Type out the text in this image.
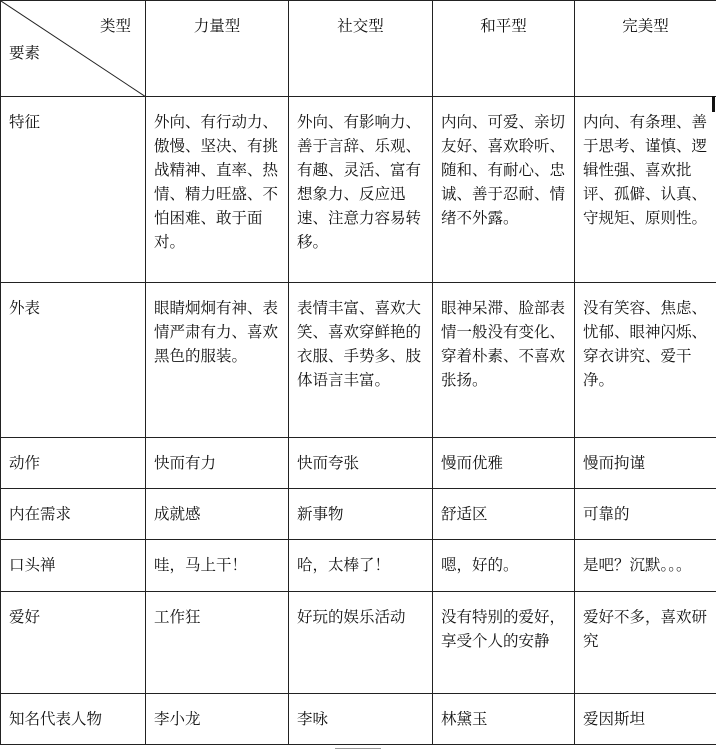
类型
要素	力量型	社交型	和平型	完美型

特征	外向、有行动力、傲慢、坚决、有挑战精神、直率、热情、精力旺盛、不怕困难、敢于面对。	外向、有影响力、善于言辞、乐观、有趣、灵活、富有想象力、反应迅速、注意力容易转移。	内向、可爱、亲切友好、喜欢聆听、随和、有耐心、忠诚、善于忍耐、情绪不外露。	内向、有条理、善于思考、谨慎、逻辑性强、喜欢批评、孤僻、认真、守规矩、原则性。

外表	眼睛炯炯有神、表情严肃有力、喜欢黑色的服装。	表情丰富、喜欢大笑、喜欢穿鲜艳的衣服、手势多、肢体语言丰富。	眼神呆滞、脸部表情一般没有变化、穿着朴素、不喜欢张扬。	没有笑容、焦虑、忧郁、眼神闪烁、穿衣讲究、爱干净。

动作	快而有力	快而夸张	慢而优雅	慢而拘谨

内在需求	成就感	新事物	舒适区	可靠的

口头禅	哇，马上干！	哈，太棒了！	嗯，好的。	是吧？沉默。。。

爱好	工作狂	好玩的娱乐活动	没有特别的爱好，享受个人的安静	爱好不多，喜欢研究

知名代表人物	李小龙	李咏	林黛玉	爱因斯坦
